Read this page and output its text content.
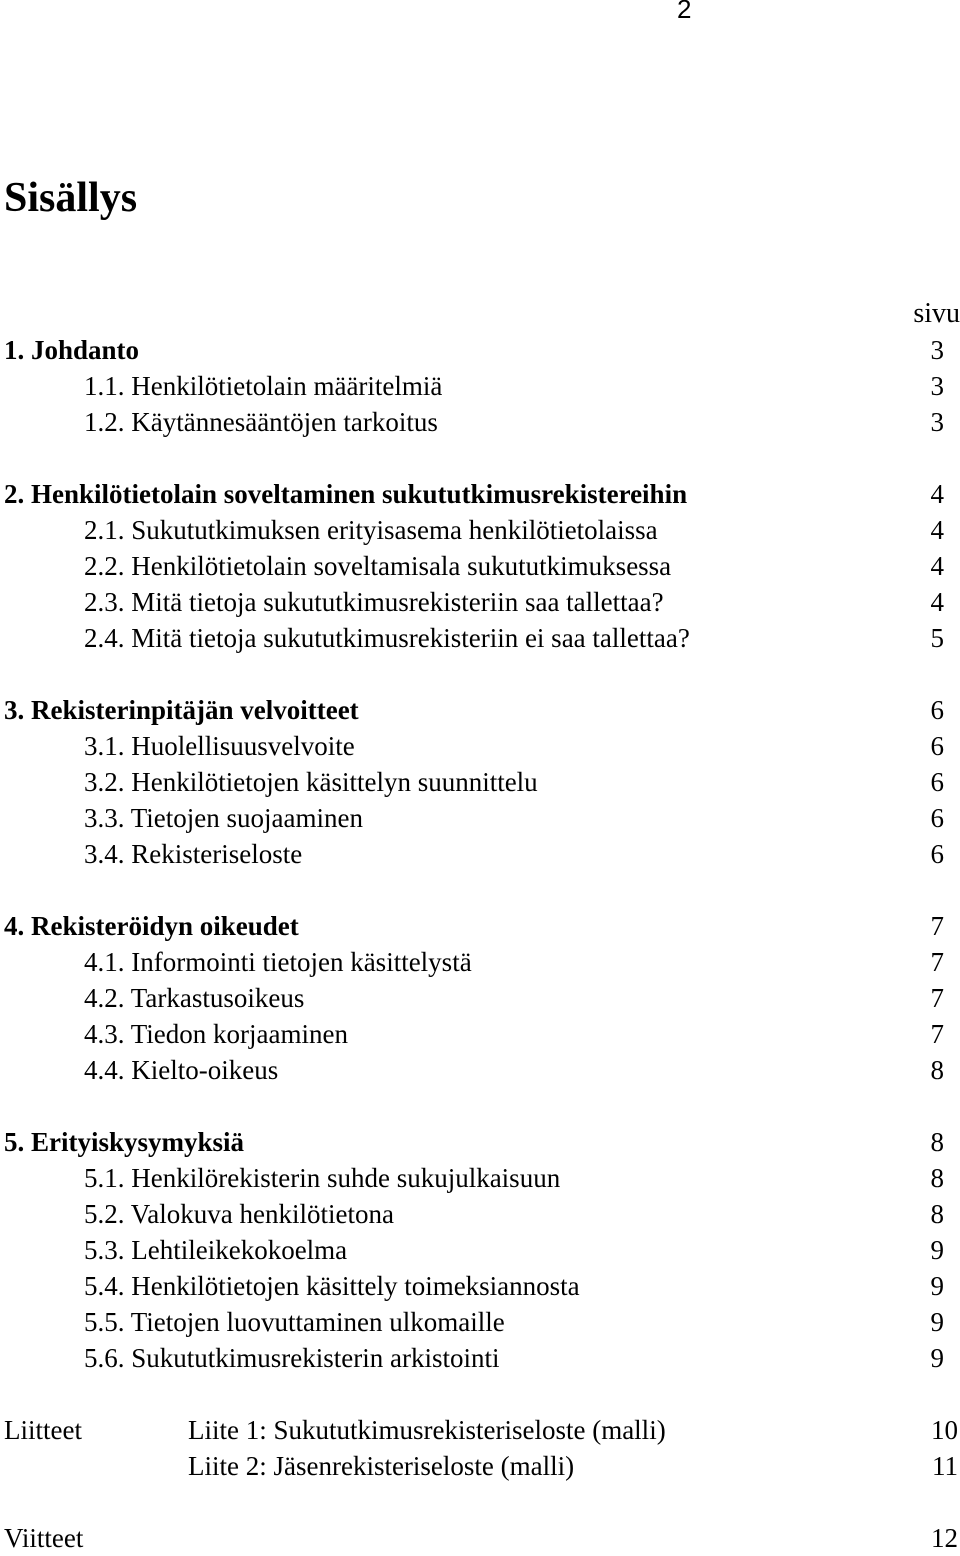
2
Sisällys
sivu
1. Johdanto	3
1.1. Henkilötietolain määritelmiä	3
1.2. Käytännesääntöjen tarkoitus	3
2. Henkilötietolain soveltaminen sukututkimusrekistereihin	4
2.1. Sukututkimuksen erityisasema henkilötietolaissa	4
2.2. Henkilötietolain soveltamisala sukututkimuksessa	4
2.3. Mitä tietoja sukututkimusrekisteriin saa tallettaa?	4
2.4. Mitä tietoja sukututkimusrekisteriin ei saa tallettaa?	5
3. Rekisterinpitäjän velvoitteet	6
3.1. Huolellisuusvelvoite	6
3.2. Henkilötietojen käsittelyn suunnittelu	6
3.3. Tietojen suojaaminen	6
3.4. Rekisteriseloste	6
4. Rekisteröidyn oikeudet	7
4.1. Informointi tietojen käsittelystä	7
4.2. Tarkastusoikeus	7
4.3. Tiedon korjaaminen	7
4.4. Kielto-oikeus	8
5. Erityiskysymyksiä	8
5.1. Henkilörekisterin suhde sukujulkaisuun	8
5.2. Valokuva henkilötietona	8
5.3. Lehtileikekokoelma	9
5.4. Henkilötietojen käsittely toimeksiannosta	9
5.5. Tietojen luovuttaminen ulkomaille	9
5.6. Sukututkimusrekisterin arkistointi	9
Liitteet	Liite 1: Sukututkimusrekisteriseloste (malli)	10
Liite 2: Jäsenrekisteriseloste (malli)	11
Viitteet	12
